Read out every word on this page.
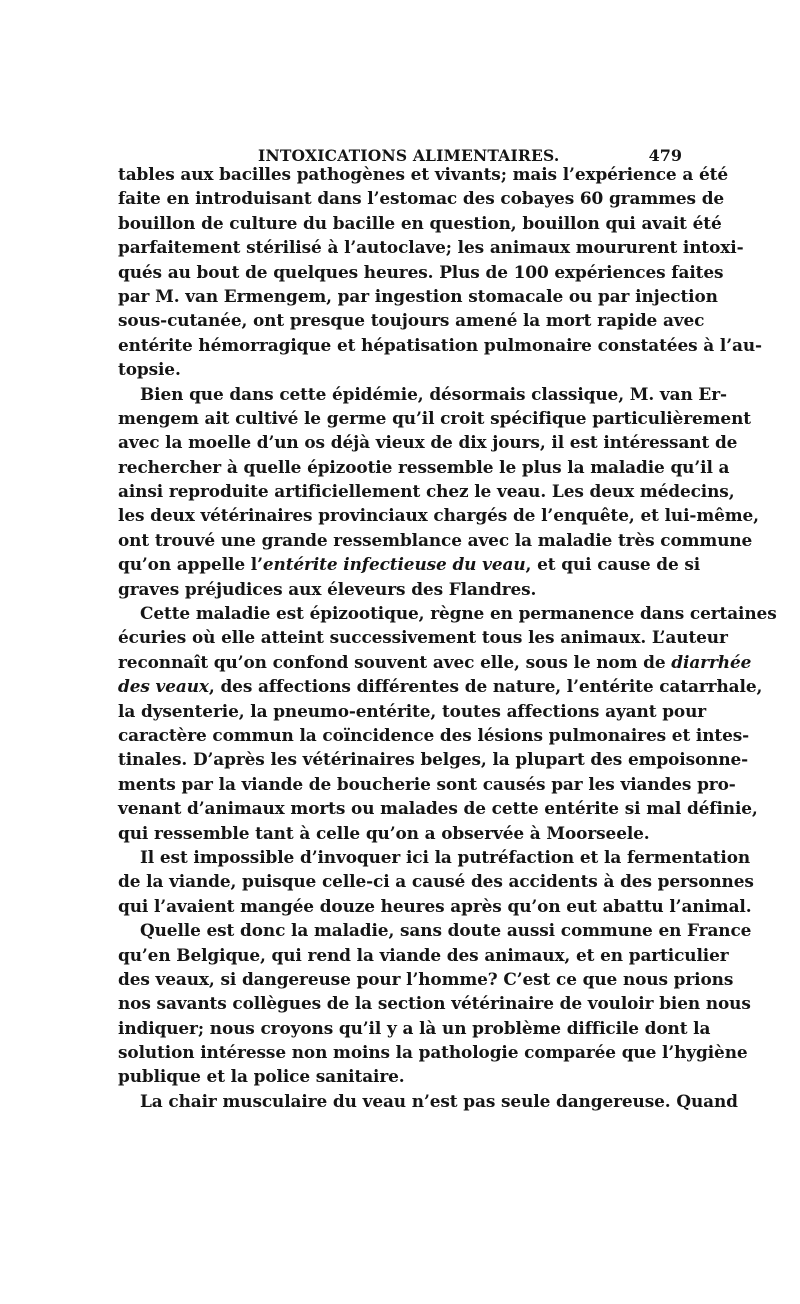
INTOXICATIONS ALIMENTAIRES.	479
tables aux bacilles pathogènes et vivants; mais l’expérience a été
faite en introduisant dans l’estomac des cobayes 60 grammes de
bouillon de culture du bacille en question, bouillon qui avait été
parfaitement stérilisé à l’autoclave; les animaux moururent intoxi-
qués au bout de quelques heures. Plus de 100 expériences faites
par M. van Ermengem, par ingestion stomacale ou par injection
sous-cutanée, ont presque toujours amené la mort rapide avec
entérite hémorragique et hépatisation pulmonaire constatées à l’au-
topsie.
Bien que dans cette épidémie, désormais classique, M. van Er-
mengem ait cultivé le germe qu’il croit spécifique particulièrement
avec la moelle d’un os déjà vieux de dix jours, il est intéressant de
rechercher à quelle épizootie ressemble le plus la maladie qu’il a
ainsi reproduite artificiellement chez le veau. Les deux médecins,
les deux vétérinaires provinciaux chargés de l’enquête, et lui-même,
ont trouvé une grande ressemblance avec la maladie très commune
qu’on appelle l’entérite infectieuse du veau, et qui cause de si
graves préjudices aux éleveurs des Flandres.
Cette maladie est épizootique, règne en permanence dans certaines
écuries où elle atteint successivement tous les animaux. L’auteur
reconnaît qu’on confond souvent avec elle, sous le nom de diarrhée
des veaux, des affections différentes de nature, l’entérite catarrhale,
la dysenterie, la pneumo-entérite, toutes affections ayant pour
caractère commun la coïncidence des lésions pulmonaires et intes-
tinales. D’après les vétérinaires belges, la plupart des empoisonne-
ments par la viande de boucherie sont causés par les viandes pro-
venant d’animaux morts ou malades de cette entérite si mal définie,
qui ressemble tant à celle qu’on a observée à Moorseele.
Il est impossible d’invoquer ici la putréfaction et la fermentation
de la viande, puisque celle-ci a causé des accidents à des personnes
qui l’avaient mangée douze heures après qu’on eut abattu l’animal.
Quelle est donc la maladie, sans doute aussi commune en France
qu’en Belgique, qui rend la viande des animaux, et en particulier
des veaux, si dangereuse pour l’homme? C’est ce que nous prions
nos savants collègues de la section vétérinaire de vouloir bien nous
indiquer; nous croyons qu’il y a là un problème difficile dont la
solution intéresse non moins la pathologie comparée que l’hygiène
publique et la police sanitaire.
La chair musculaire du veau n’est pas seule dangereuse. Quand
